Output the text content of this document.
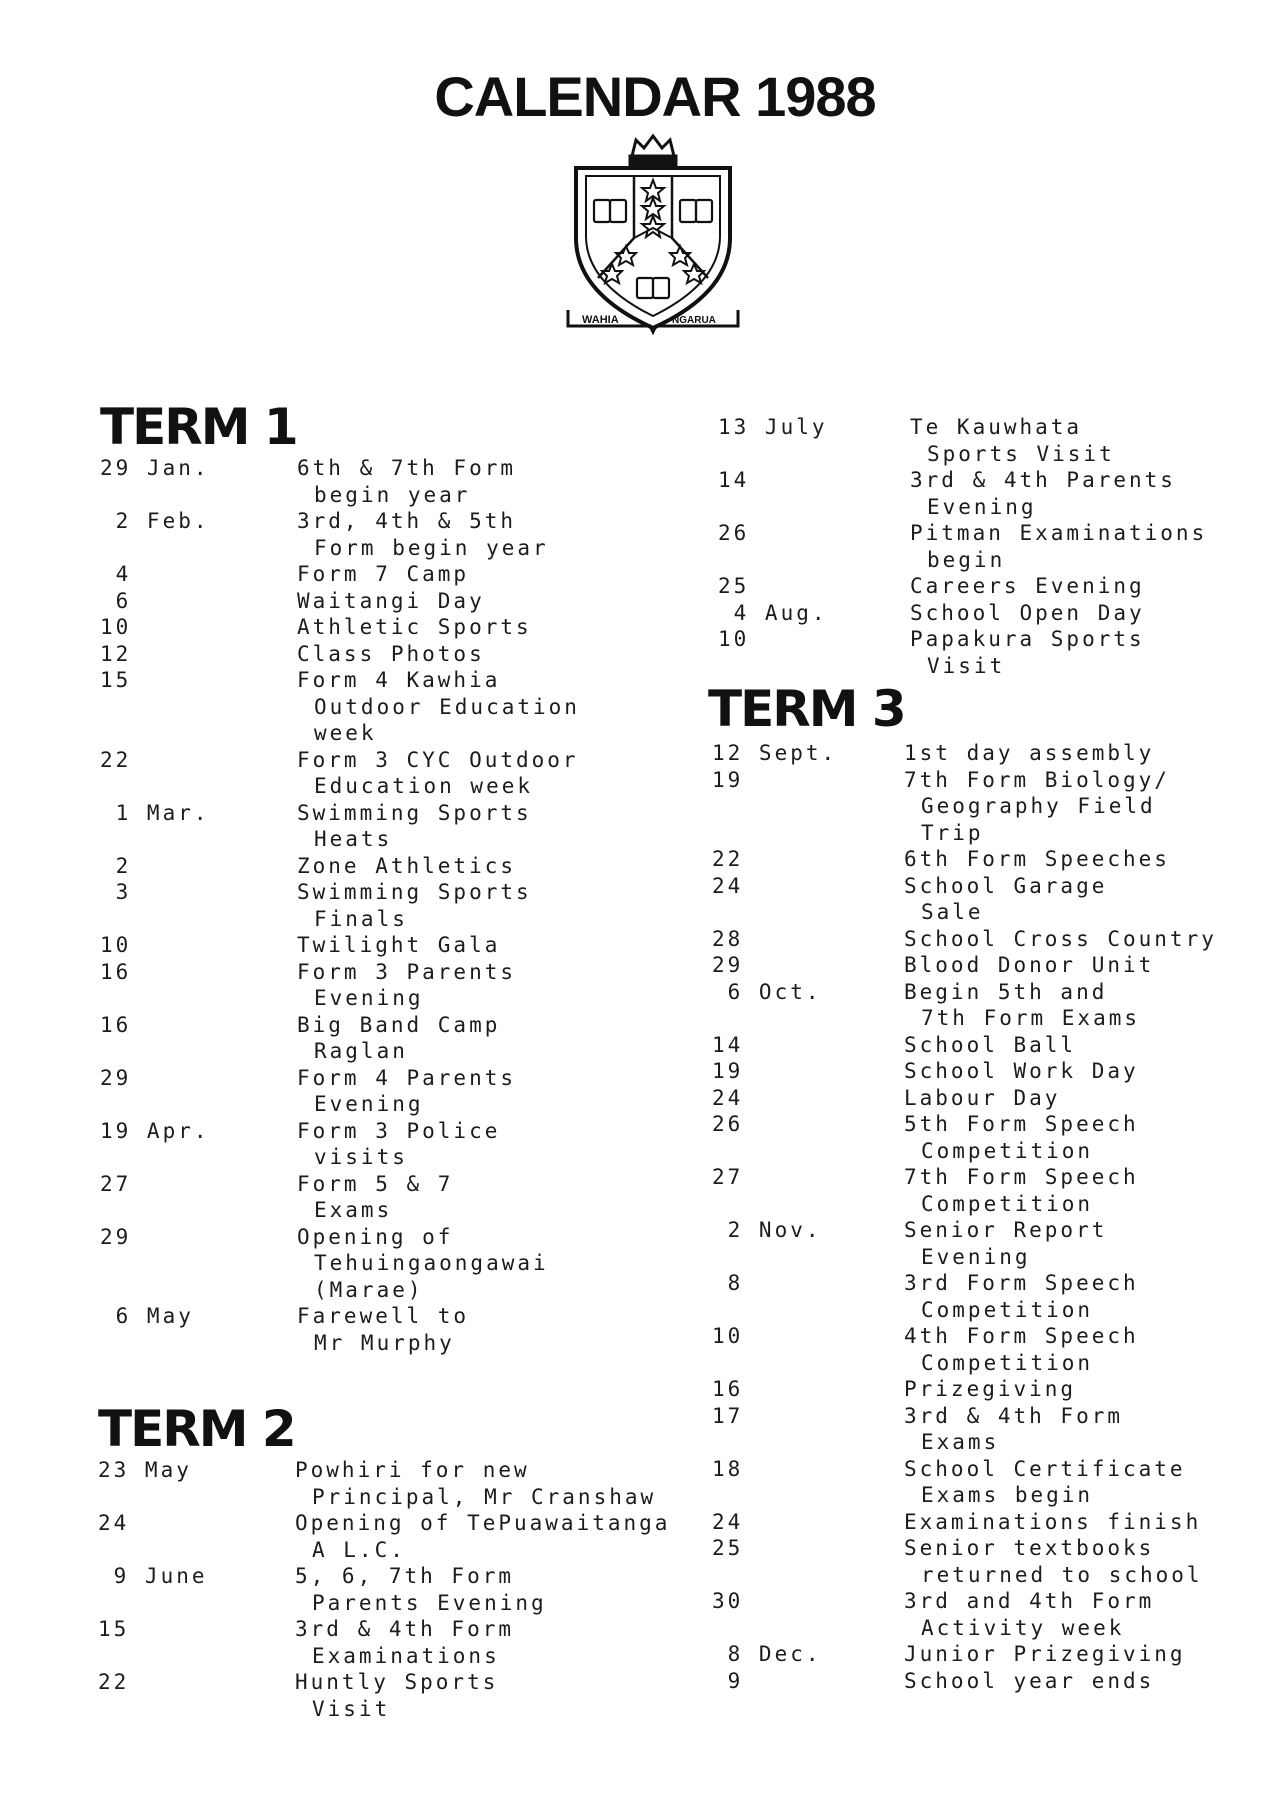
CALENDAR 1988
WAHIA	NGARUA
TERM 1
29 Jan.	6th & 7th Form
begin year
2 Feb.	3rd, 4th & 5th
Form begin year
4	Form 7 Camp
6	Waitangi Day
10	Athletic Sports
12	Class Photos
15	Form 4 Kawhia
Outdoor Education
week
22	Form 3 CYC Outdoor
Education week
1 Mar.	Swimming Sports
Heats
2	Zone Athletics
3	Swimming Sports
Finals
10	Twilight Gala
16	Form 3 Parents
Evening
16	Big Band Camp
Raglan
29	Form 4 Parents
Evening
19 Apr.	Form 3 Police
visits
27	Form 5 & 7
Exams
29	Opening of
Tehuingaongawai
(Marae)
6 May	Farewell to
Mr Murphy
TERM 2
23 May	Powhiri for new
Principal, Mr Cranshaw
24	Opening of TePuawaitanga
A L.C.
9 June	5, 6, 7th Form
Parents Evening
15	3rd & 4th Form
Examinations
22	Huntly Sports
Visit
13 July	Te Kauwhata
Sports Visit
14	3rd & 4th Parents
Evening
26	Pitman Examinations
begin
25	Careers Evening
4 Aug.	School Open Day
10	Papakura Sports
Visit
TERM 3
12 Sept.	1st day assembly
19	7th Form Biology/
Geography Field
Trip
22	6th Form Speeches
24	School Garage
Sale
28	School Cross Country
29	Blood Donor Unit
6 Oct.	Begin 5th and
7th Form Exams
14	School Ball
19	School Work Day
24	Labour Day
26	5th Form Speech
Competition
27	7th Form Speech
Competition
2 Nov.	Senior Report
Evening
8	3rd Form Speech
Competition
10	4th Form Speech
Competition
16	Prizegiving
17	3rd & 4th Form
Exams
18	School Certificate
Exams begin
24	Examinations finish
25	Senior textbooks
returned to school
30	3rd and 4th Form
Activity week
8 Dec.	Junior Prizegiving
9	School year ends
